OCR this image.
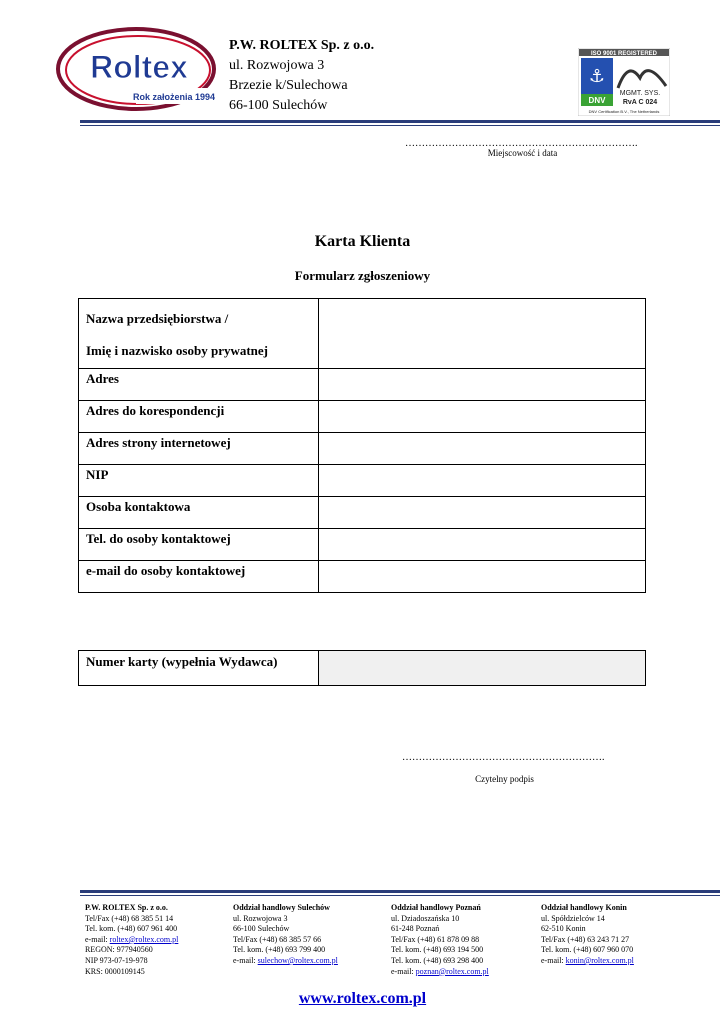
Roltex
Rok założenia 1994
P.W. ROLTEX Sp. z o.o.
ul. Rozwojowa 3
Brzezie k/Sulechowa
66-100 Sulechów
ISO 9001 REGISTERED
⚓
DNV
MGMT. SYS.
RvA C 024
DNV Certification B.V., The Netherlands
…………………………………………………………….
Miejscowość i data
Karta Klienta
Formularz zgłoszeniowy
Nazwa przedsiębiorstwa /
Imię i nazwisko osoby prywatnej	

Adres	
Adres do korespondencji	
Adres strony internetowej	
NIP	
Osoba kontaktowa	
Tel. do osoby kontaktowej	
e-mail do osoby kontaktowej	
Numer karty (wypełnia Wydawca)	
…………………………………………………….
Czytelny podpis
P.W. ROLTEX Sp. z o.o.
Tel/Fax (+48) 68 385 51 14
Tel. kom. (+48) 607 961 400
e-mail: roltex@roltex.com.pl
REGON: 977940560
NIP 973-07-19-978
KRS: 0000109145
Oddział handlowy Sulechów
ul. Rozwojowa 3
66-100 Sulechów
Tel/Fax (+48) 68 385 57 66
Tel. kom. (+48) 693 799 400
e-mail: sulechow@roltex.com.pl
Oddział handlowy Poznań
ul. Dziadoszańska 10
61-248 Poznań
Tel/Fax (+48) 61 878 09 88
Tel. kom. (+48) 693 194 500
Tel. kom. (+48) 693 298 400
e-mail: poznan@roltex.com.pl
Oddział handlowy Konin
ul. Spółdzielców 14
62-510 Konin
Tel/Fax (+48) 63 243 71 27
Tel. kom. (+48) 607 960 070
e-mail: konin@roltex.com.pl
www.roltex.com.pl
